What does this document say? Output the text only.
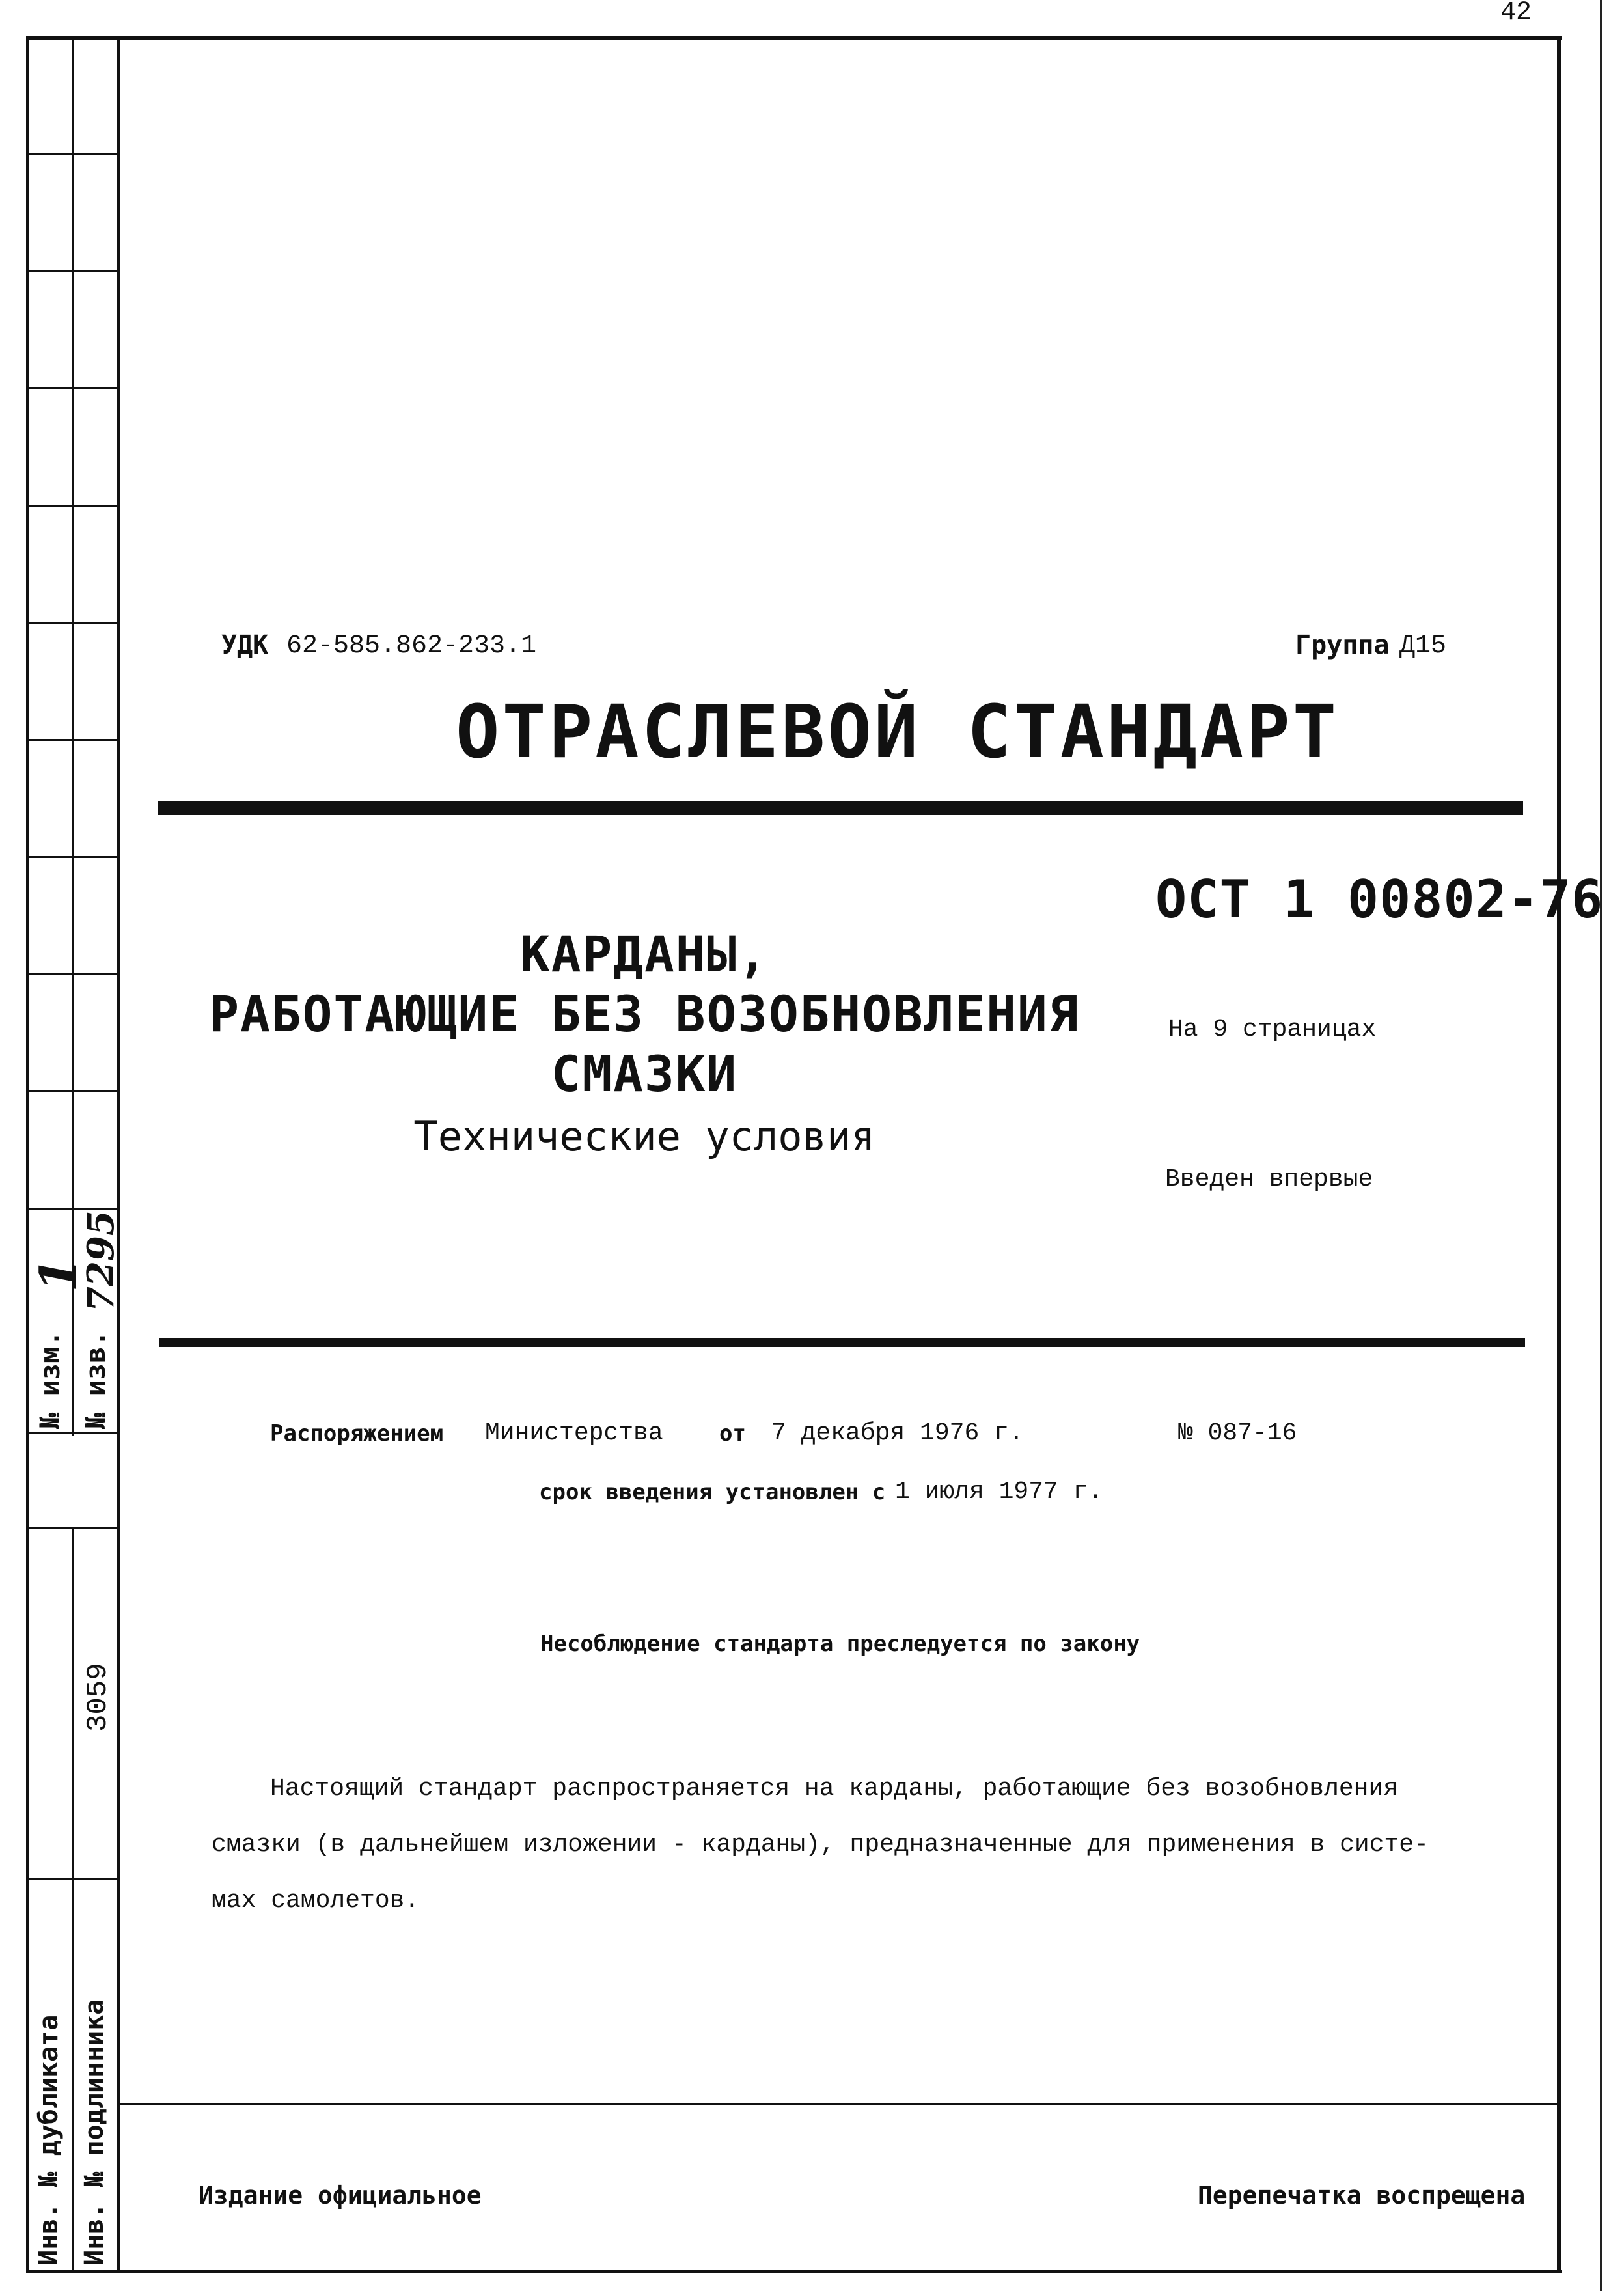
42
№ изм. № изв.
1
7295
3059
Инв. № дубликата Инв. № подлинника
УДК 62-585.862-233.1	Группа Д15
ОТРАСЛЕВОЙ СТАНДАРТ
ОСТ 1 00802-76
На 9 страницах
Введен впервые
КАРДАНЫ,
РАБОТАЮЩИЕ БЕЗ ВОЗОБНОВЛЕНИЯ
СМАЗКИ
Технические условия
Распоряжением Министерства	от 7 декабря 1976 г.	№ 087-16
срок введения установлен с 1 июля 1977 г.
Несоблюдение стандарта преследуется по закону
Настоящий стандарт распространяется на карданы, работающие без возобновления
смазки (в дальнейшем изложении - карданы), предназначенные для применения в систе-
мах самолетов.
Издание официальное	Перепечатка воспрещена
